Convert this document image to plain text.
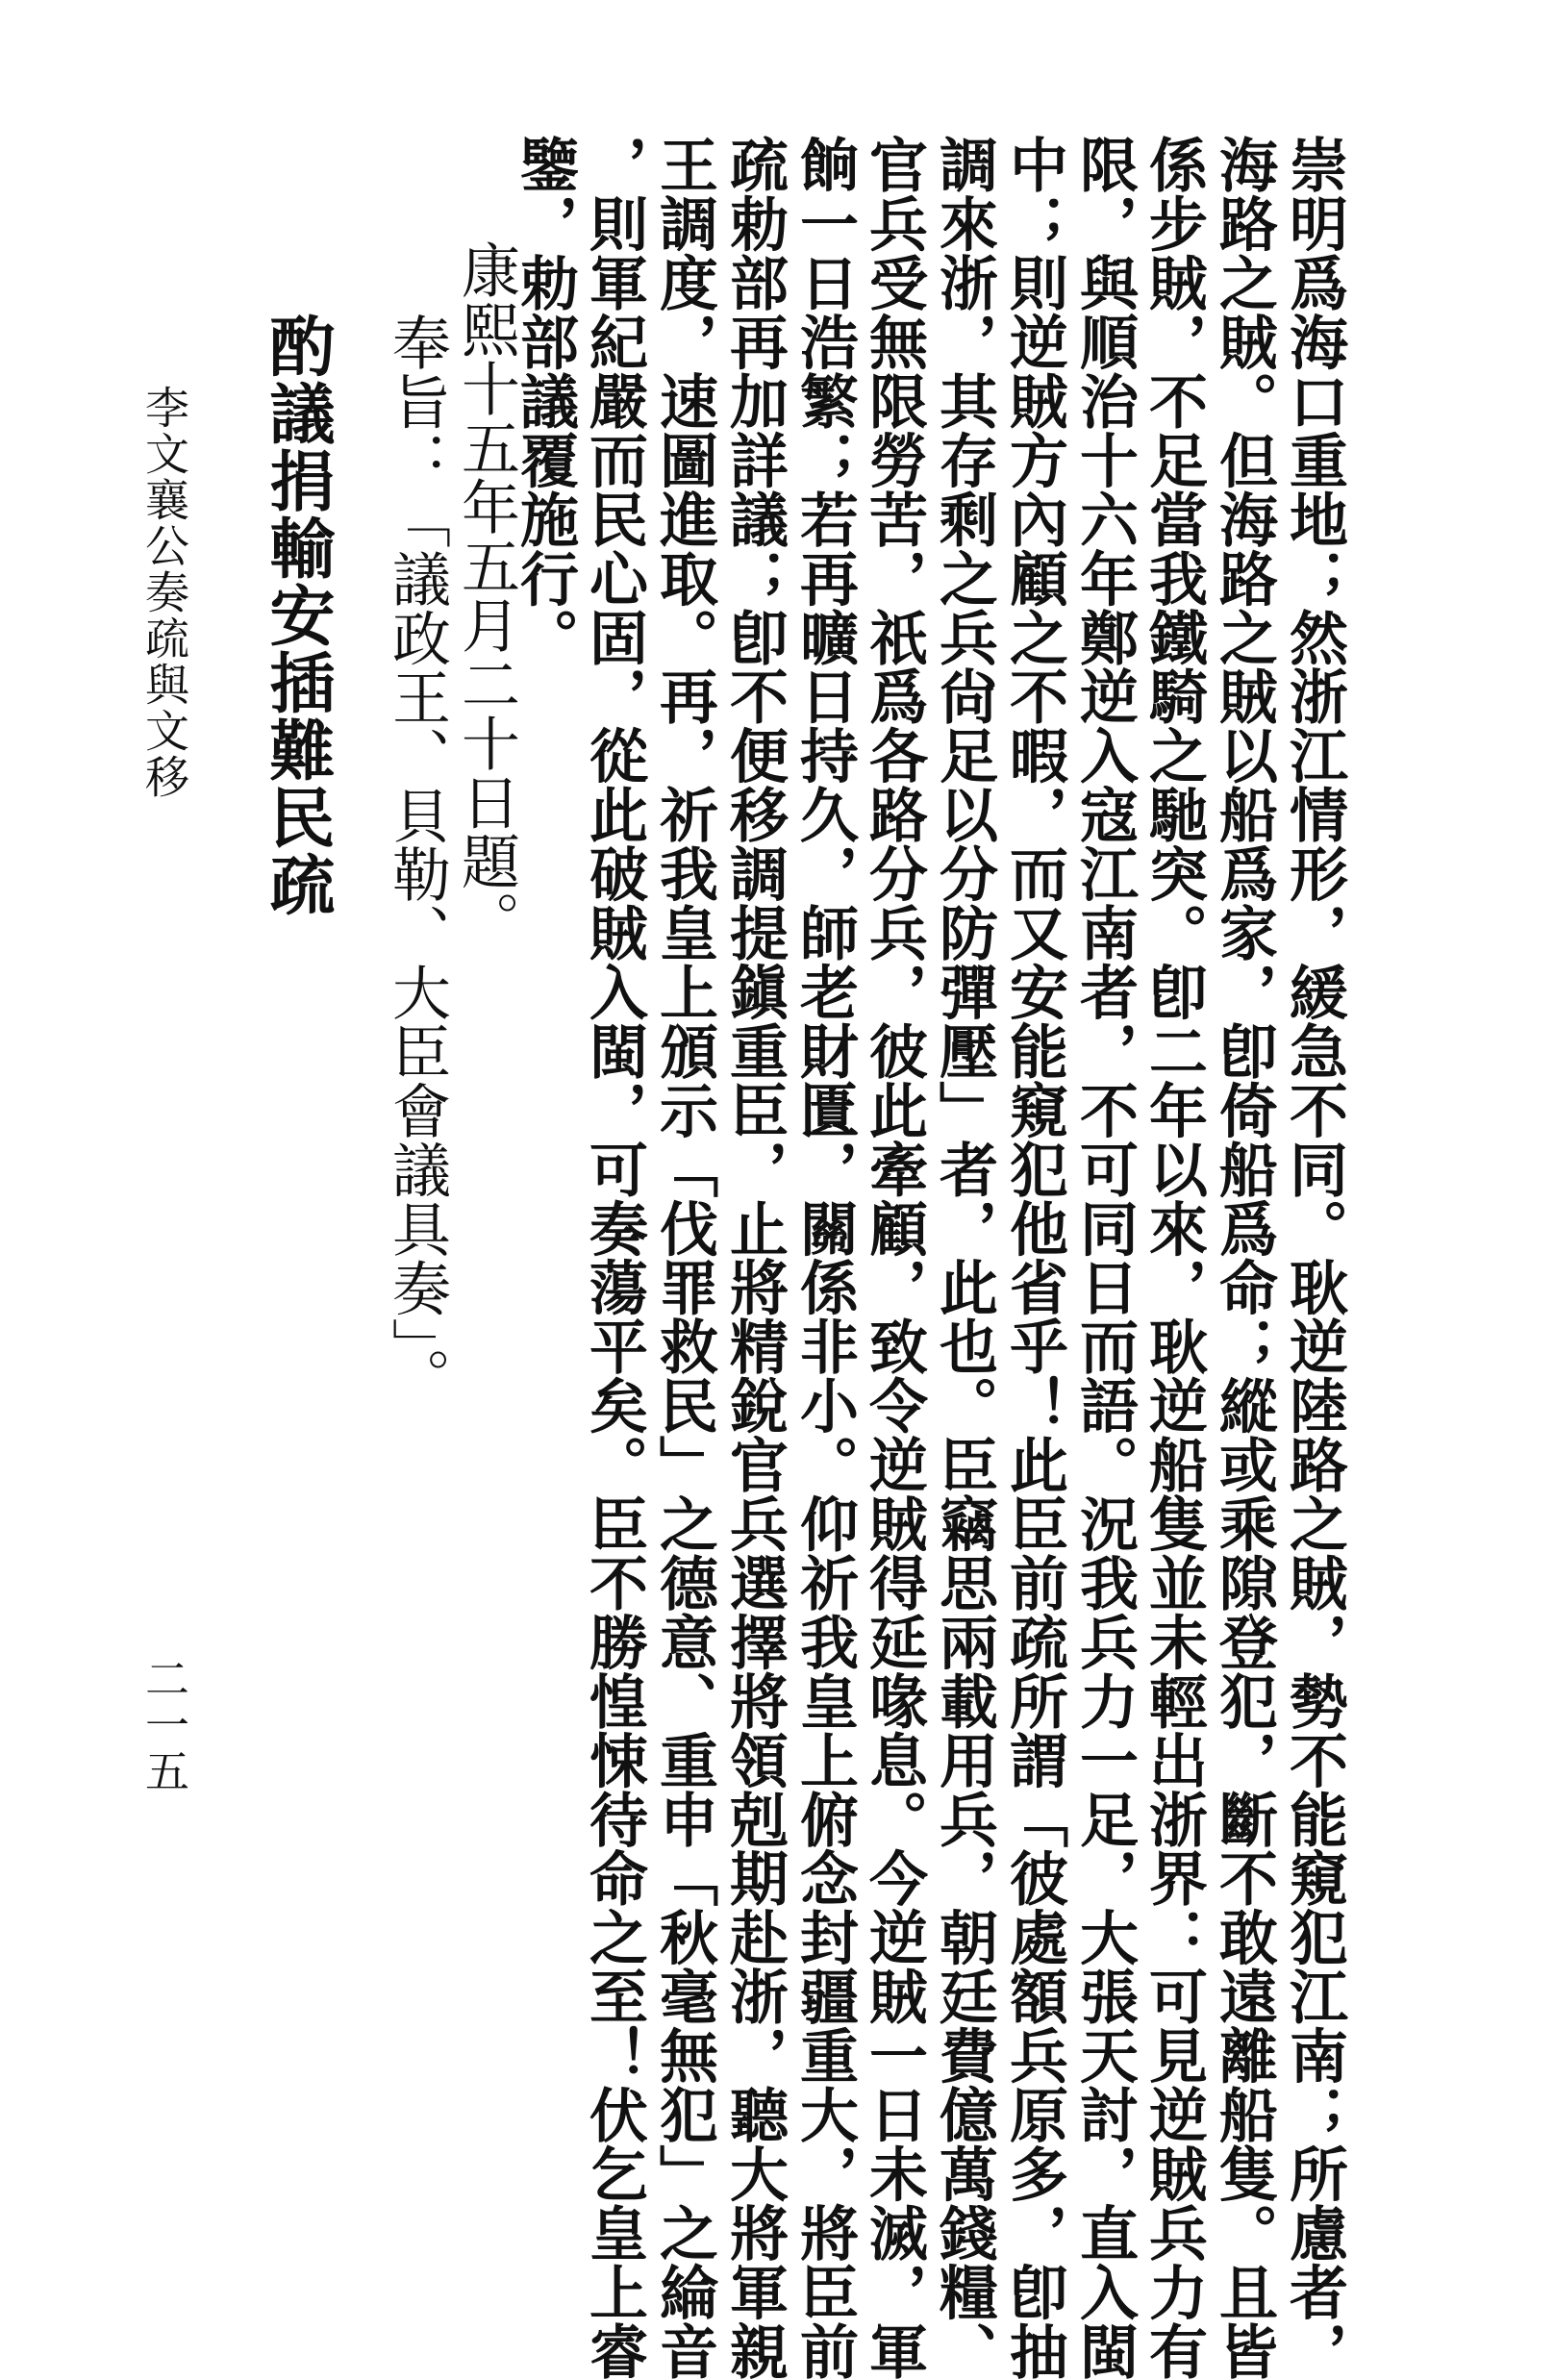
李文襄公奏疏與文移
二一五	崇明爲海口重地；然浙江情形，緩急不同。耿逆陸路之賊，勢不能窺犯江南；所慮者，
海路之賊。但海路之賊以船爲家，卽倚船爲命；縱或乘隙登犯，斷不敢遠離船隻。且皆
係步賊，不足當我鐵騎之馳突。卽二年以來，耿逆船隻並未輕出浙界：可見逆賊兵力有
限，與順治十六年鄭逆入寇江南者，不可同日而語。況我兵力一足，大張天討，直入閩
中；則逆賊方內顧之不暇，而又安能窺犯他省乎！此臣前疏所謂「彼處額兵原多，卽抽
調來浙，其存剩之兵尙足以分防彈壓」者，此也。臣竊思兩載用兵，朝廷費億萬錢糧、
官兵受無限勞苦，祇爲各路分兵，彼此牽顧，致令逆賊得延喙息。今逆賊一日未滅，軍
餉一日浩繁；若再曠日持久，師老財匱，關係非小。仰祈我皇上俯念封疆重大，將臣前
疏勅部再加詳議；卽不便移調提鎭重臣，止將精銳官兵選擇將領剋期赴浙，聽大將軍親
王調度，速圖進取。再，祈我皇上頒示「伐罪救民」之德意、重申「秋毫無犯」之綸音
，則軍紀嚴而民心固，從此破賊入閩，可奏蕩平矣。臣不勝惶悚待命之至！伏乞皇上睿
鑒，勅部議覆施行。
康熙十五年五月二十日題。
奉旨：「議政王、貝勒、大臣會議具奏」。
酌議捐輸安插難民疏
